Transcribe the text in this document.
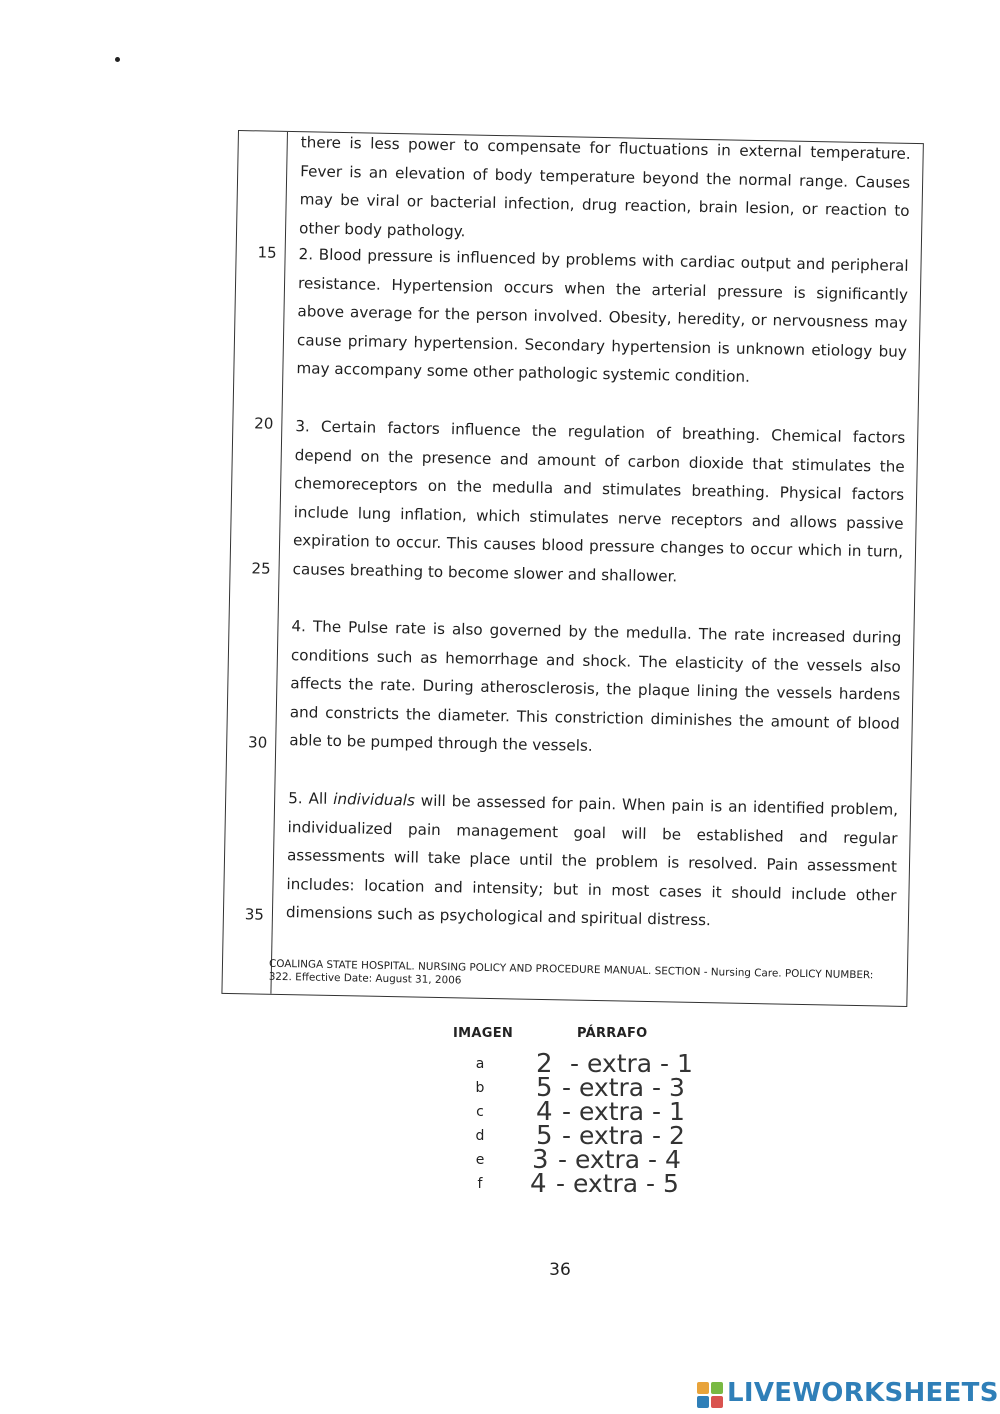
15
20
25
30
35

there is less power to compensate for fluctuations in external temperature. Fever is an elevation of body temperature beyond the normal range. Causes may be viral or bacterial infection, drug reaction, brain lesion, or reaction to other body pathology.

2. Blood pressure is influenced by problems with cardiac output and peripheral resistance. Hypertension occurs when the arterial pressure is significantly above average for the person involved. Obesity, heredity, or nervousness may cause primary hypertension. Secondary hypertension is unknown etiology buy may accompany some other pathologic systemic condition.

3. Certain factors influence the regulation of breathing. Chemical factors depend on the presence and amount of carbon dioxide that stimulates the chemoreceptors on the medulla and stimulates breathing. Physical factors include lung inflation, which stimulates nerve receptors and allows passive expiration to occur. This causes blood pressure changes to occur which in turn, causes breathing to become slower and shallower.

4. The Pulse rate is also governed by the medulla. The rate increased during conditions such as hemorrhage and shock. The elasticity of the vessels also affects the rate. During atherosclerosis, the plaque lining the vessels hardens and constricts the diameter. This constriction diminishes the amount of blood able to be pumped through the vessels.

5. All individuals will be assessed for pain. When pain is an identified problem, individualized pain management goal will be established and regular assessments will take place until the problem is resolved. Pain assessment includes: location and intensity; but in most cases it should include other dimensions such as psychological and spiritual distress.

COALINGA STATE HOSPITAL. NURSING POLICY AND PROCEDURE MANUAL. SECTION - Nursing Care. POLICY NUMBER: 322. Effective Date: August 31, 2006

IMAGEN	PÁRRAFO
a 2 - extra - 1
b 5 - extra - 3
c 4 - extra - 1
d 5 - extra - 2
e 3 - extra - 4
f 4 - extra - 5
36
LIVEWORKSHEETS
